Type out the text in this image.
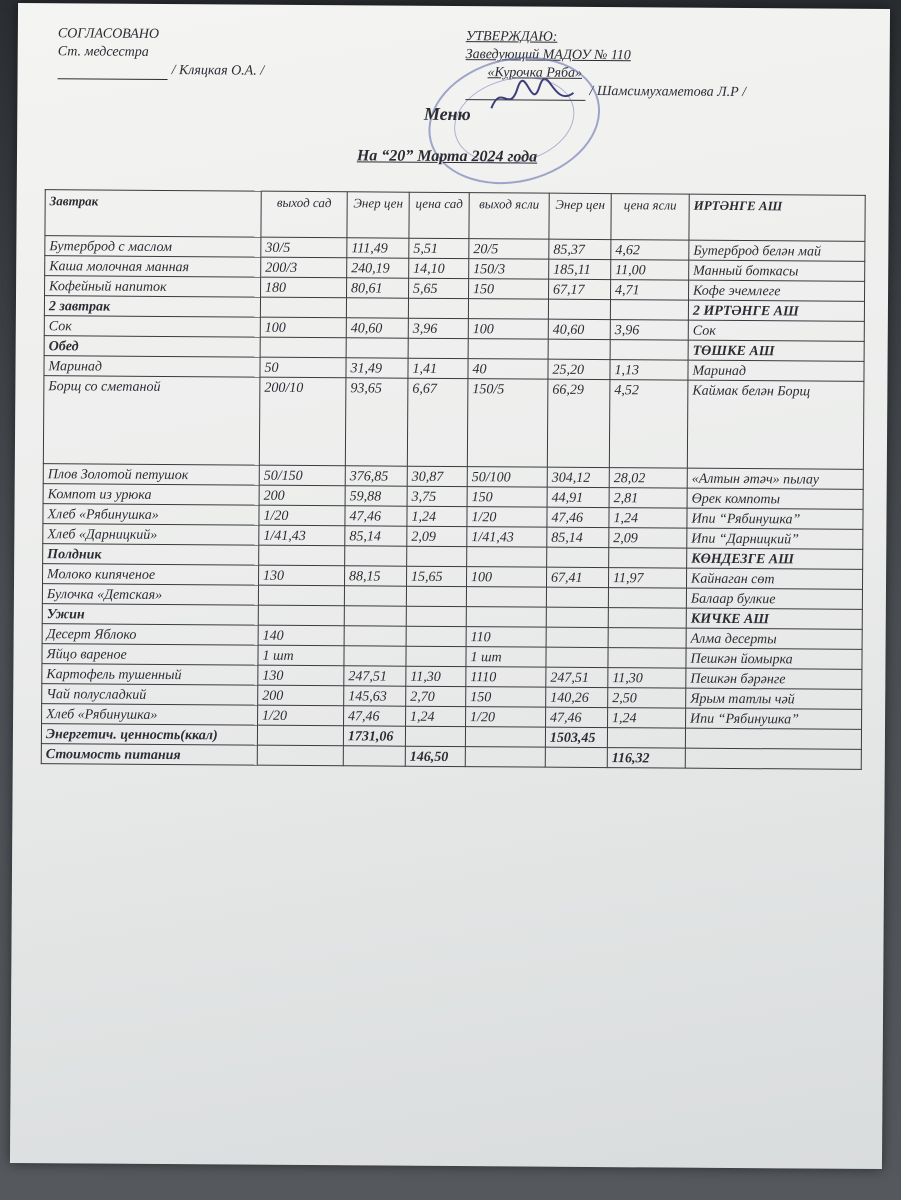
СОГЛАСОВАНО
Ст. медсестра
/ Кляцкая О.А. /
УТВЕРЖДАЮ:
Заведующий МАДОУ № 110
«Курочка Ряба»
/ Шамсимухаметова Л.Р /
Меню
На “20” Марта 2024 года
Завтрак	выход сад	Энер цен	цена сад	выход ясли	Энер цен	цена ясли	ИРТӘНГЕ АШ
Бутерброд с маслом	30/5	111,49	5,51	20/5	85,37	4,62	Бутерброд белән май
Каша молочная манная	200/3	240,19	14,10	150/3	185,11	11,00	Манный боткасы
Кофейный напиток	180	80,61	5,65	150	67,17	4,71	Кофе эчемлеге
2 завтрак							2 ИРТӘНГЕ АШ
Сок	100	40,60	3,96	100	40,60	3,96	Сок
Обед							ТӨШКЕ АШ
Маринад	50	31,49	1,41	40	25,20	1,13	Маринад
Борщ со сметаной	200/10	93,65	6,67	150/5	66,29	4,52	Каймак белән Борщ
Плов Золотой петушок	50/150	376,85	30,87	50/100	304,12	28,02	«Алтын әтәч» пылау
Компот из урюка	200	59,88	3,75	150	44,91	2,81	Өрек компоты
Хлеб «Рябинушка»	1/20	47,46	1,24	1/20	47,46	1,24	Ипи “Рябинушка”
Хлеб «Дарницкий»	1/41,43	85,14	2,09	1/41,43	85,14	2,09	Ипи “Дарницкий”
Полдник							КӨНДЕЗГЕ АШ
Молоко кипяченое	130	88,15	15,65	100	67,41	11,97	Кайнаган сөт
Булочка «Детская»							Балаар булкие
Ужин							КИЧКЕ АШ
Десерт Яблоко	140			110			Алма десерты
Яйцо вареное	1 шт			1 шт			Пешкән йомырка
Картофель тушенный	130	247,51	11,30	1110	247,51	11,30	Пешкән бәрәнге
Чай полусладкий	200	145,63	2,70	150	140,26	2,50	Ярым татлы чәй
Хлеб «Рябинушка»	1/20	47,46	1,24	1/20	47,46	1,24	Ипи “Рябинушка”
Энергетич. ценность(ккал)		1731,06			1503,45		
Стоимость питания			146,50			116,32	
